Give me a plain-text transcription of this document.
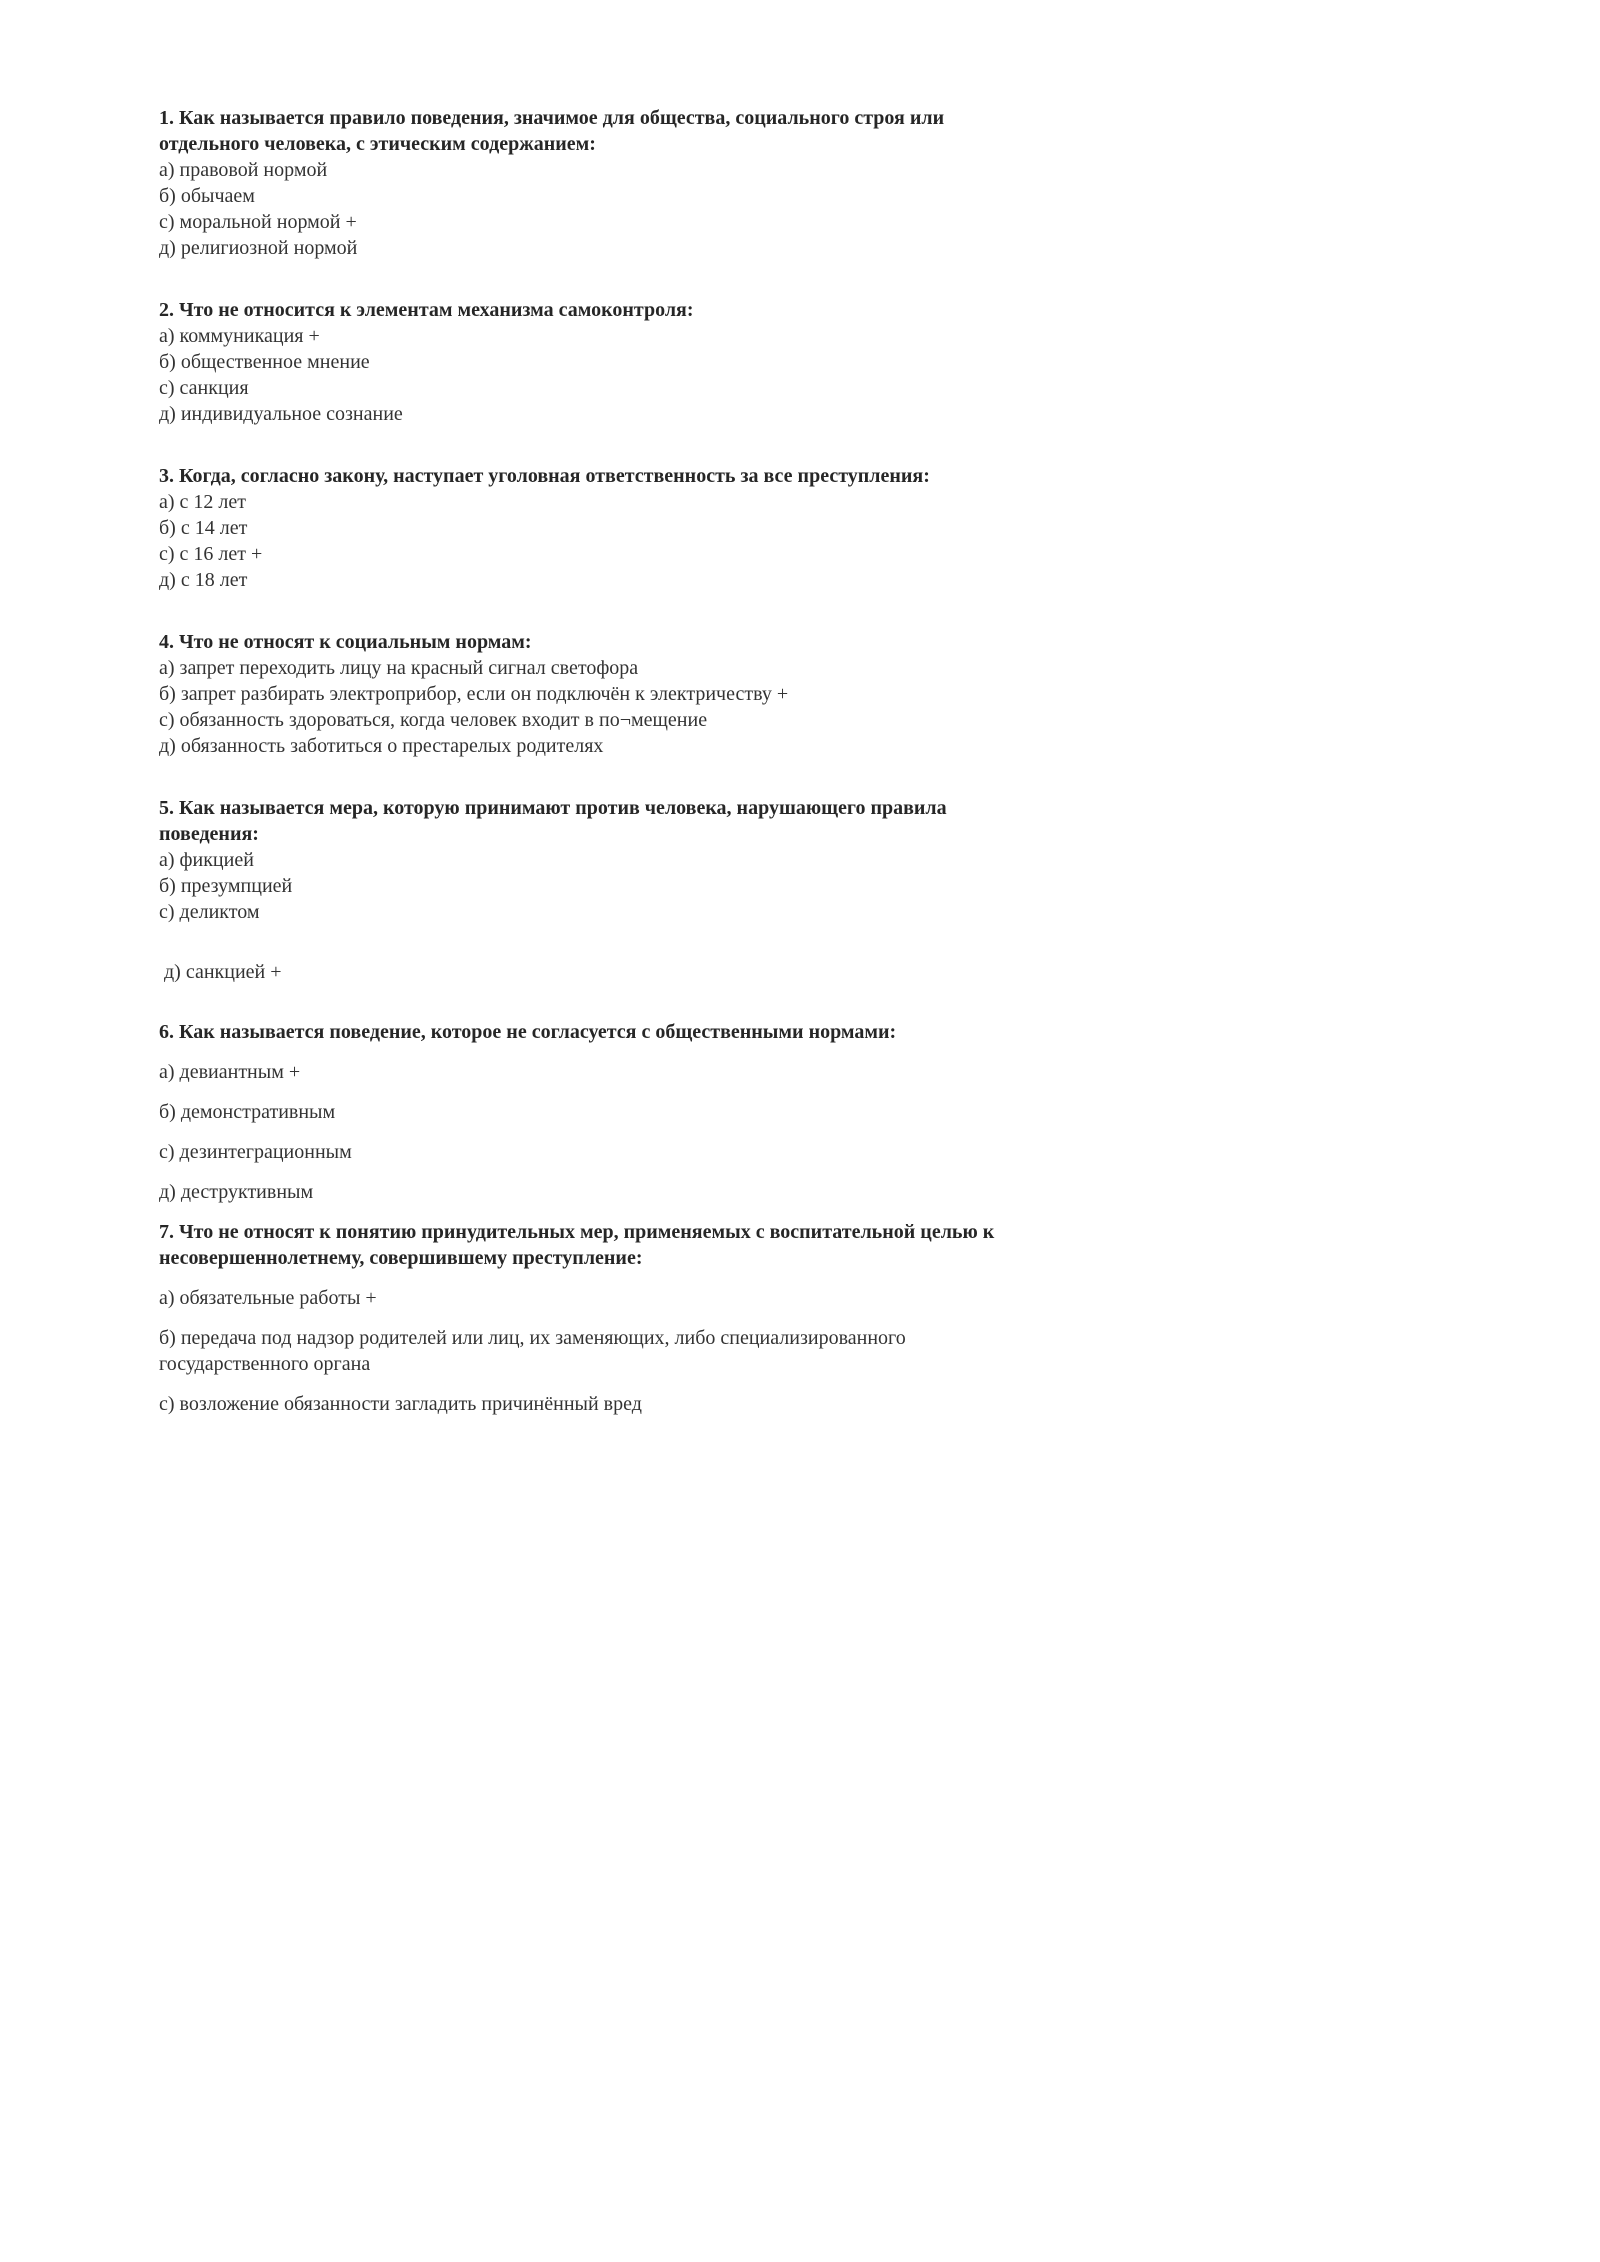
1. Как называется правило поведения, значимое для общества, социального строя или отдельного человека, с этическим содержанием:

а) правовой нормой

б) обычаем

с) моральной нормой +

д) религиозной нормой

2. Что не относится к элементам механизма самоконтроля:

а) коммуникация +

б) общественное мнение

с) санкция

д) индивидуальное сознание

3. Когда, согласно закону, наступает уголовная ответственность за все преступления:

а) с 12 лет

б) с 14 лет

с) с 16 лет +

д) с 18 лет

4. Что не относят к социальным нормам:

а) запрет переходить лицу на красный сигнал светофора

б) запрет разбирать электроприбор, если он подключён к электричеству +

с) обязанность здороваться, когда человек входит в по¬мещение

д) обязанность заботиться о престарелых родителях

5. Как называется мера, которую принимают против человека, нарушающего правила поведения:

а) фикцией

б) презумпцией

с) деликтом

д) санкцией +

6. Как называется поведение, которое не согласуется с общественными нормами:

а) девиантным +

б) демонстративным

с) дезинтеграционным

д) деструктивным

7. Что не относят к понятию принудительных мер, применяемых с воспитательной целью к несовершеннолетнему, совершившему преступление:

а) обязательные работы +

б) передача под надзор родителей или лиц, их заменяющих, либо специализированного государственного органа

с) возложение обязанности загладить причинённый вред
